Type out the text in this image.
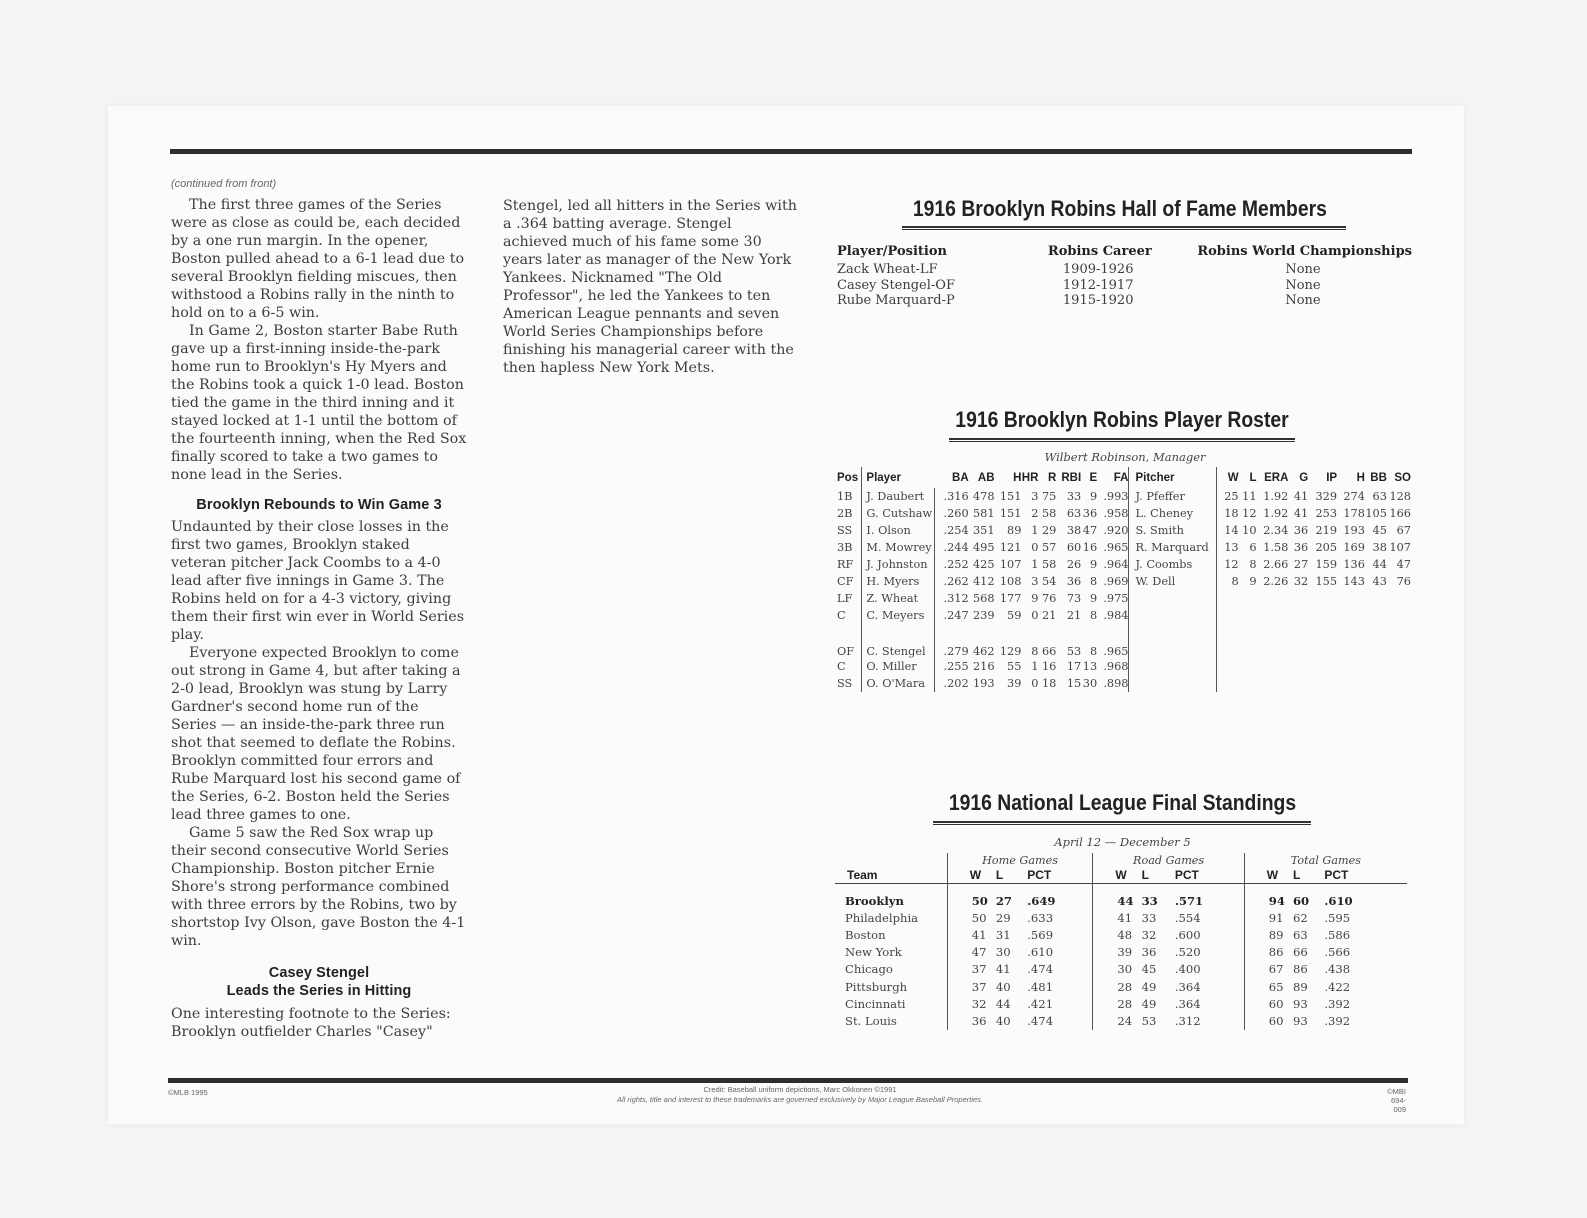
(continued from front)

The first three games of the Series were as close as could be, each decided by a one run margin. In the opener, Boston pulled ahead to a 6-1 lead due to several Brooklyn fielding miscues, then withstood a Robins rally in the ninth to hold on to a 6-5 win.

In Game 2, Boston starter Babe Ruth gave up a first-inning inside-the-park home run to Brooklyn's Hy Myers and the Robins took a quick 1-0 lead. Boston tied the game in the third inning and it stayed locked at 1-1 until the bottom of the fourteenth inning, when the Red Sox finally scored to take a two games to none lead in the Series.

Brooklyn Rebounds to Win Game 3

Undaunted by their close losses in the first two games, Brooklyn staked veteran pitcher Jack Coombs to a 4-0 lead after five innings in Game 3. The Robins held on for a 4-3 victory, giving them their first win ever in World Series play.

Everyone expected Brooklyn to come out strong in Game 4, but after taking a 2-0 lead, Brooklyn was stung by Larry Gardner's second home run of the Series — an inside-the-park three run shot that seemed to deflate the Robins. Brooklyn committed four errors and Rube Marquard lost his second game of the Series, 6-2. Boston held the Series lead three games to one.

Game 5 saw the Red Sox wrap up their second consecutive World Series Championship. Boston pitcher Ernie Shore's strong performance combined with three errors by the Robins, two by shortstop Ivy Olson, gave Boston the 4-1 win.

Casey Stengel
Leads the Series in Hitting

One interesting footnote to the Series: Brooklyn outfielder Charles "Casey"

Stengel, led all hitters in the Series with a .364 batting average. Stengel achieved much of his fame some 30 years later as manager of the New York Yankees. Nicknamed "The Old Professor", he led the Yankees to ten American League pennants and seven World Series Championships before finishing his managerial career with the then hapless New York Mets.

1916 Brooklyn Robins Hall of Fame Members
Player/Position	Robins Career	Robins World Championships
Zack Wheat-LF	1909-1926	None
Casey Stengel-OF	1912-1917	None
Rube Marquard-P	1915-1920	None
1916 Brooklyn Robins Player Roster
Wilbert Robinson, Manager
Pos	Player	BA	AB	H	HR	R	RBI	E	FA	Pitcher	W	L	ERA	G	IP	H	BB	SO
1B	J. Daubert	.316	478	151	3	75	33	9	.993	J. Pfeffer	25	11	1.92	41	329	274	63	128
2B	G. Cutshaw	.260	581	151	2	58	63	36	.958	L. Cheney	18	12	1.92	41	253	178	105	166
SS	I. Olson	.254	351	89	1	29	38	47	.920	S. Smith	14	10	2.34	36	219	193	45	67
3B	M. Mowrey	.244	495	121	0	57	60	16	.965	R. Marquard	13	6	1.58	36	205	169	38	107
RF	J. Johnston	.252	425	107	1	58	26	9	.964	J. Coombs	12	8	2.66	27	159	136	44	47
CF	H. Myers	.262	412	108	3	54	36	8	.969	W. Dell	8	9	2.26	32	155	143	43	76
LF	Z. Wheat	.312	568	177	9	76	73	9	.975									
C	C. Meyers	.247	239	59	0	21	21	8	.984									
OF	C. Stengel	.279	462	129	8	66	53	8	.965									
C	O. Miller	.255	216	55	1	16	17	13	.968									
SS	O. O'Mara	.202	193	39	0	18	15	30	.898									
1916 National League Final Standings
April 12 — December 5
	Home Games			Road Games			Total Games		
Team	W	L	PCT	W	L	PCT	W	L	PCT
Brooklyn	50	27	.649	44	33	.571	94	60	.610
Philadelphia	50	29	.633	41	33	.554	91	62	.595
Boston	41	31	.569	48	32	.600	89	63	.586
New York	47	30	.610	39	36	.520	86	66	.566
Chicago	37	41	.474	30	45	.400	67	86	.438
Pittsburgh	37	40	.481	28	49	.364	65	89	.422
Cincinnati	32	44	.421	28	49	.364	60	93	.392
St. Louis	36	40	.474	24	53	.312	60	93	.392
©MLB 1995	Credit: Baseball uniform depictions, Marc Okkonen ©1991
All rights, title and interest to these trademarks are governed exclusively by Major League Baseball Properties.
©MBI
694-009
